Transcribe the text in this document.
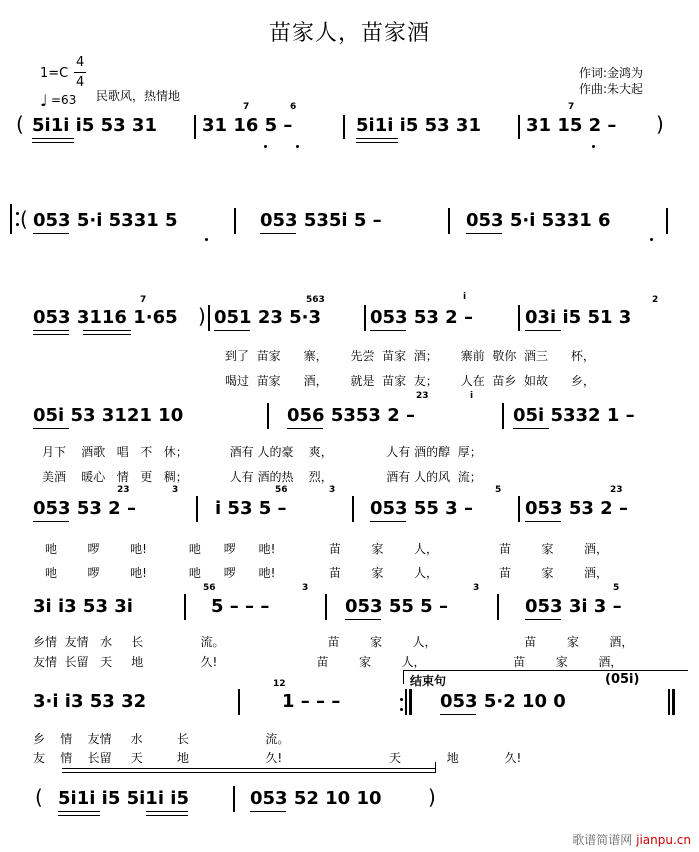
苗家人，苗家酒
1=C
4
4
♩ =63 民歌风，热情地
作词:金鸿为
作曲:朱大起
( 5i1i i5 53 31
7	6
31 16 5 –	5i1i i5 53 31
7
31 15 2 – )
( 053 5·i 5331 5	053 535i 5 –	053 5·i 5331 6
053 3116 1·65
7
) 051 23 5·3
563
053 53 2 –
i
03i i5 51 3
2
到了 苗家 寨， 先尝 苗家 酒； 寨前 敬你 酒三 杯，
喝过 苗家 酒， 就是 苗家 友； 人在 苗乡 如故 乡，
05i 53 3121 10	056 5353 2 –
23	i
05i 5332 1 –
月下 酒歌 唱 不 休；	酒有 人的豪 爽，	人有 酒的醇 厚；
美酒 暖心 情 更 稠；	人有 酒的热 烈，	酒有 人的风 流；
053 53 2 –
23	3
i 53 5 –
56	3
053 55 3 –
5
053 53 2 –
23
吔	啰	吔!	吔 啰 吔!	苗	家	人，	苗	家	酒，
吔	啰	吔!	吔 啰 吔!	苗	家	人，	苗	家	酒，
3i i3 53 3i
56
5 – – –
3
053 55 5 –
3
053 3i 3 –
5
乡情 友情 水 长	流。	苗	家	人，	苗	家	酒，
友情 长留 天 地	久!	苗	家	人，	苗	家	酒，
结束句	(05i)
3·i i3 53 32
12
1 – – –	053 5·2 10 0
乡 情 友情 水	长	流。
友 情 长留 天	地	久!	天	地	久!
( 5i1i i5 5i1i i5	053 52 10 10 )
歌谱简谱网 jianpu.cn
